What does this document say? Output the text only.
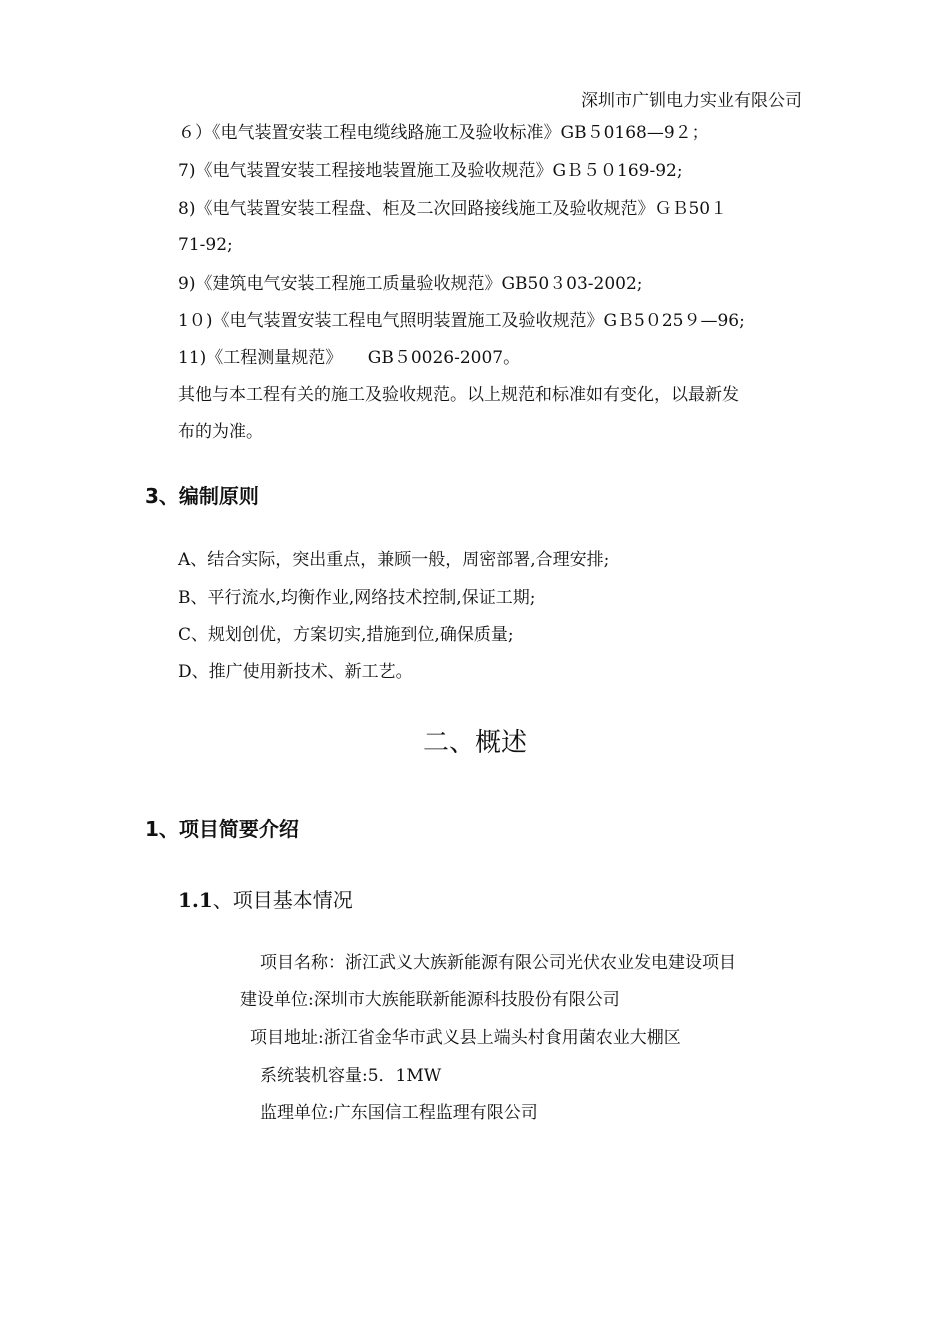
深圳市广钏电力实业有限公司
６）《电气装置安装工程电缆线路施工及验收标准》GB５0168—9２；
7)《电气装置安装工程接地装置施工及验收规范》GＢ５０169-92;
8)《电气装置安装工程盘、柜及二次回路接线施工及验收规范》ＧＢ50１
71-92;
9)《建筑电气安装工程施工质量验收规范》GB50３03-2002;
1０)《电气装置安装工程电气照明装置施工及验收规范》GＢ5０25９—96;
11)《工程测量规范》　　GB５0026-2007。
其他与本工程有关的施工及验收规范。以上规范和标准如有变化，以最新发
布的为准。
3、编制原则
A、结合实际，突出重点，兼顾一般，周密部署,合理安排;
B、平行流水,均衡作业,网络技术控制,保证工期;
C、规划创优，方案切实,措施到位,确保质量;
D、推广使用新技术、新工艺。
二、概述
1、项目简要介绍
1.1、项目基本情况
项目名称：浙江武义大族新能源有限公司光伏农业发电建设项目
建设单位:深圳市大族能联新能源科技股份有限公司
项目地址:浙江省金华市武义县上端头村食用菌农业大棚区
系统装机容量:5．1MW
监理单位:广东国信工程监理有限公司
